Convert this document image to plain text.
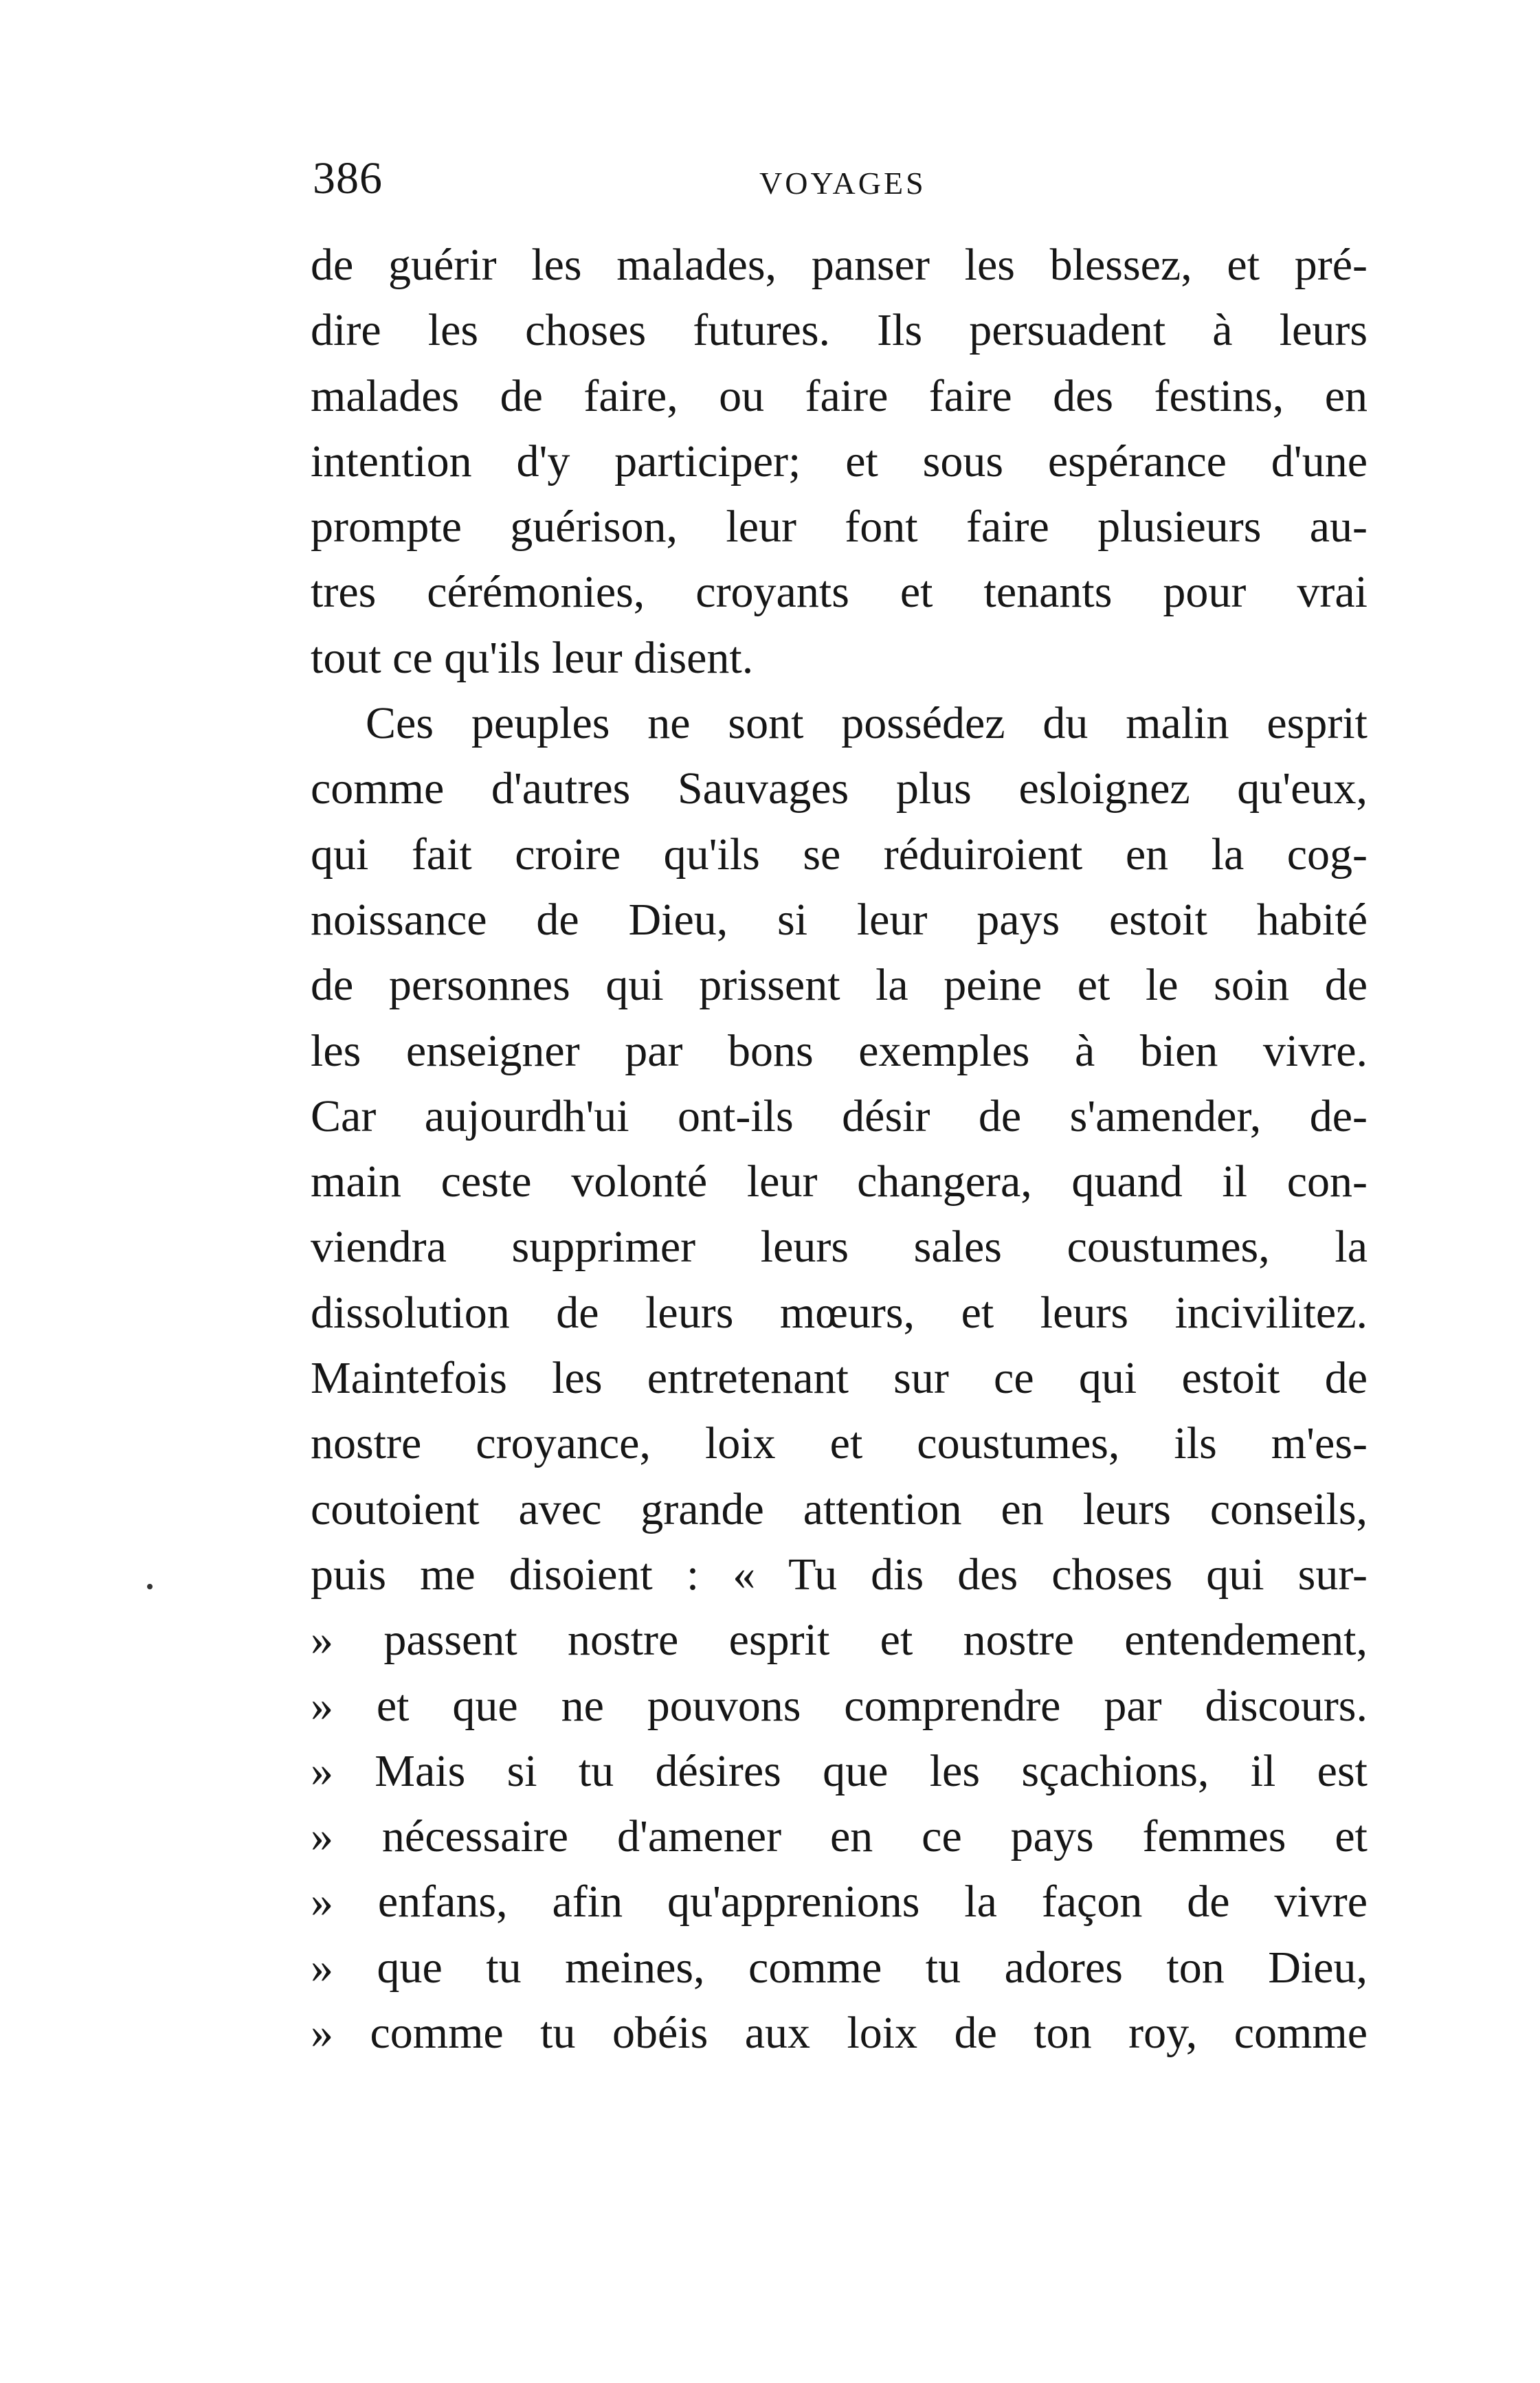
386	VOYAGES
de guérir les malades, panser les blessez, et pré-
dire les choses futures. Ils persuadent à leurs
malades de faire, ou faire faire des festins, en
intention d'y participer; et sous espérance d'une
prompte guérison, leur font faire plusieurs au-
tres cérémonies, croyants et tenants pour vrai
tout ce qu'ils leur disent.
Ces peuples ne sont possédez du malin esprit
comme d'autres Sauvages plus esloignez qu'eux,
qui fait croire qu'ils se réduiroient en la cog-
noissance de Dieu, si leur pays estoit habité
de personnes qui prissent la peine et le soin de
les enseigner par bons exemples à bien vivre.
Car aujourdh'ui ont-ils désir de s'amender, de-
main ceste volonté leur changera, quand il con-
viendra supprimer leurs sales coustumes, la
dissolution de leurs mœurs, et leurs incivilitez.
Maintefois les entretenant sur ce qui estoit de
nostre croyance, loix et coustumes, ils m'es-
coutoient avec grande attention en leurs conseils,
puis me disoient : « Tu dis des choses qui sur-
» passent nostre esprit et nostre entendement,
» et que ne pouvons comprendre par discours.
» Mais si tu désires que les sçachions, il est
» nécessaire d'amener en ce pays femmes et
» enfans, afin qu'apprenions la façon de vivre
» que tu meines, comme tu adores ton Dieu,
» comme tu obéis aux loix de ton roy, comme
